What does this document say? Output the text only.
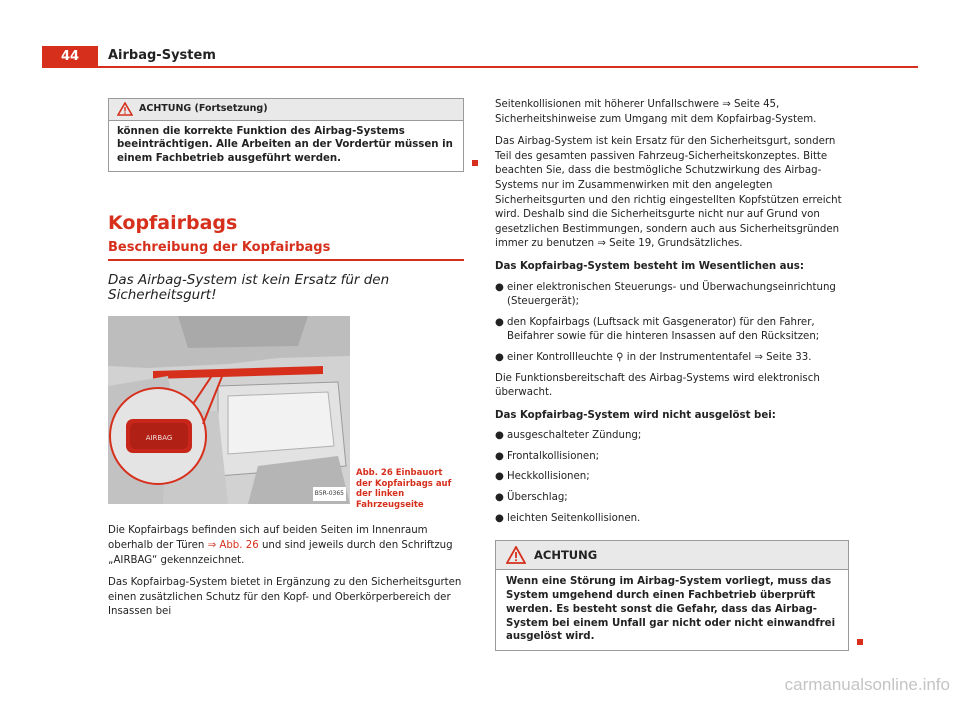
44	Airbag-System
ACHTUNG (Fortsetzung)
können die korrekte Funktion des Airbag-Systems beeinträchtigen. Alle Arbeiten an der Vordertür müssen in einem Fachbetrieb ausgeführt werden.
Kopfairbags
Beschreibung der Kopfairbags
Das Airbag-System ist kein Ersatz für den Sicherheitsgurt!
AIRBAG
B5R-0365
Abb. 26 Einbauort der Kopfairbags auf der linken Fahrzeugseite

Die Kopfairbags befinden sich auf beiden Seiten im Innenraum oberhalb der Türen ⇒ Abb. 26 und sind jeweils durch den Schriftzug „AIRBAG“ gekennzeichnet.

Das Kopfairbag-System bietet in Ergänzung zu den Sicherheitsgurten einen zusätzlichen Schutz für den Kopf- und Oberkörperbereich der Insassen bei

Seitenkollisionen mit höherer Unfallschwere ⇒ Seite 45, Sicherheitshinweise zum Umgang mit dem Kopfairbag-System.

Das Airbag-System ist kein Ersatz für den Sicherheitsgurt, sondern Teil des gesamten passiven Fahrzeug-Sicherheitskonzeptes. Bitte beachten Sie, dass die bestmögliche Schutzwirkung des Airbag-Systems nur im Zusammenwirken mit den angelegten Sicherheitsgurten und den richtig eingestellten Kopfstützen erreicht wird. Deshalb sind die Sicherheitsgurte nicht nur auf Grund von gesetzlichen Bestimmungen, sondern auch aus Sicherheitsgründen immer zu benutzen ⇒ Seite 19, Grundsätzliches.

Das Kopfairbag-System besteht im Wesentlichen aus:
● einer elektronischen Steuerungs- und Überwachungseinrichtung (Steuergerät);
● den Kopfairbags (Luftsack mit Gasgenerator) für den Fahrer, Beifahrer sowie für die hinteren Insassen auf den Rücksitzen;
● einer Kontrollleuchte ⚲ in der Instrumententafel ⇒ Seite 33.

Die Funktionsbereitschaft des Airbag-Systems wird elektronisch überwacht.

Das Kopfairbag-System wird nicht ausgelöst bei:
● ausgeschalteter Zündung;
● Frontalkollisionen;
● Heckkollisionen;
● Überschlag;
● leichten Seitenkollisionen.
ACHTUNG
Wenn eine Störung im Airbag-System vorliegt, muss das System umgehend durch einen Fachbetrieb überprüft werden. Es besteht sonst die Gefahr, dass das Airbag-System bei einem Unfall gar nicht oder nicht einwandfrei ausgelöst wird.
carmanualsonline.info
